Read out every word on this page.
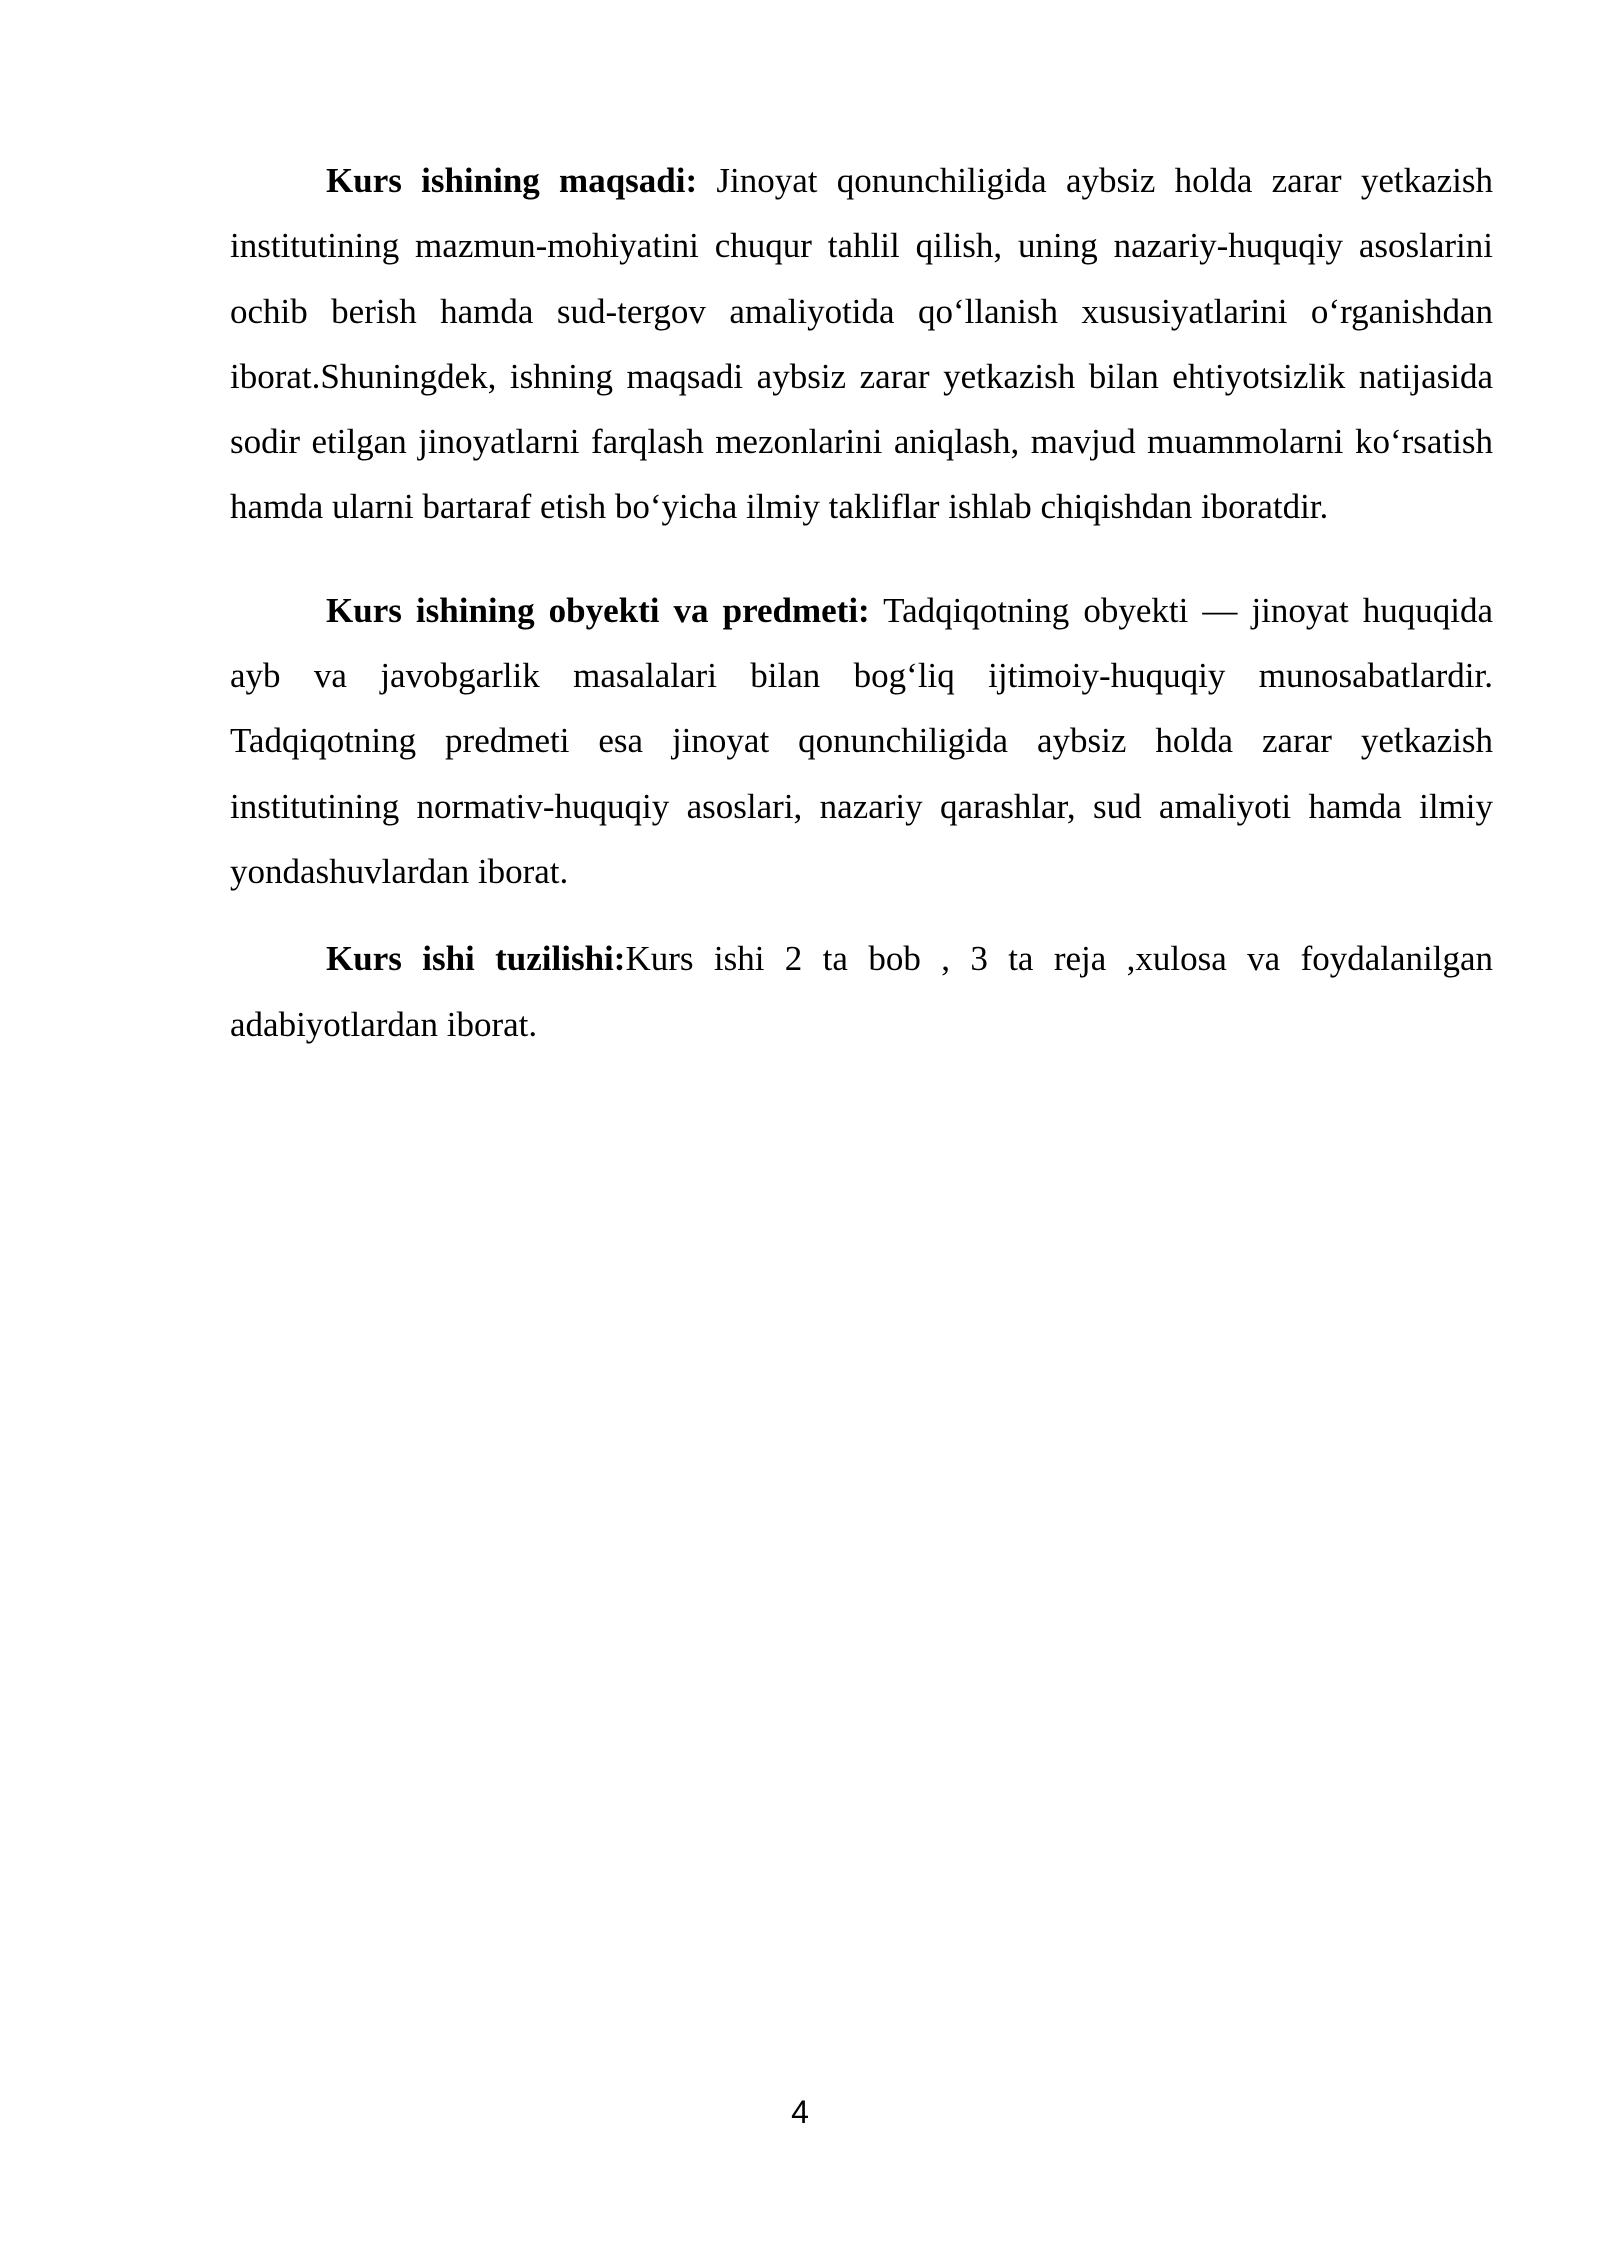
Kurs ishining maqsadi: Jinoyat qonunchiligida aybsiz holda zarar yetkazish institutining mazmun-mohiyatini chuqur tahlil qilish, uning nazariy-huquqiy asoslarini ochib berish hamda sud-tergov amaliyotida qoʻllanish xususiyatlarini oʻrganishdan iborat.Shuningdek, ishning maqsadi aybsiz zarar yetkazish bilan ehtiyotsizlik natijasida sodir etilgan jinoyatlarni farqlash mezonlarini aniqlash, mavjud muammolarni koʻrsatish hamda ularni bartaraf etish boʻyicha ilmiy takliflar ishlab chiqishdan iboratdir.

Kurs ishining obyekti va predmeti: Tadqiqotning obyekti — jinoyat huquqida ayb va javobgarlik masalalari bilan bogʻliq ijtimoiy-huquqiy munosabatlardir. Tadqiqotning predmeti esa jinoyat qonunchiligida aybsiz holda zarar yetkazish institutining normativ-huquqiy asoslari, nazariy qarashlar, sud amaliyoti hamda ilmiy yondashuvlardan iborat.

Kurs ishi tuzilishi:Kurs ishi 2 ta bob , 3 ta reja ,xulosa va foydalanilgan adabiyotlardan iborat.

4
